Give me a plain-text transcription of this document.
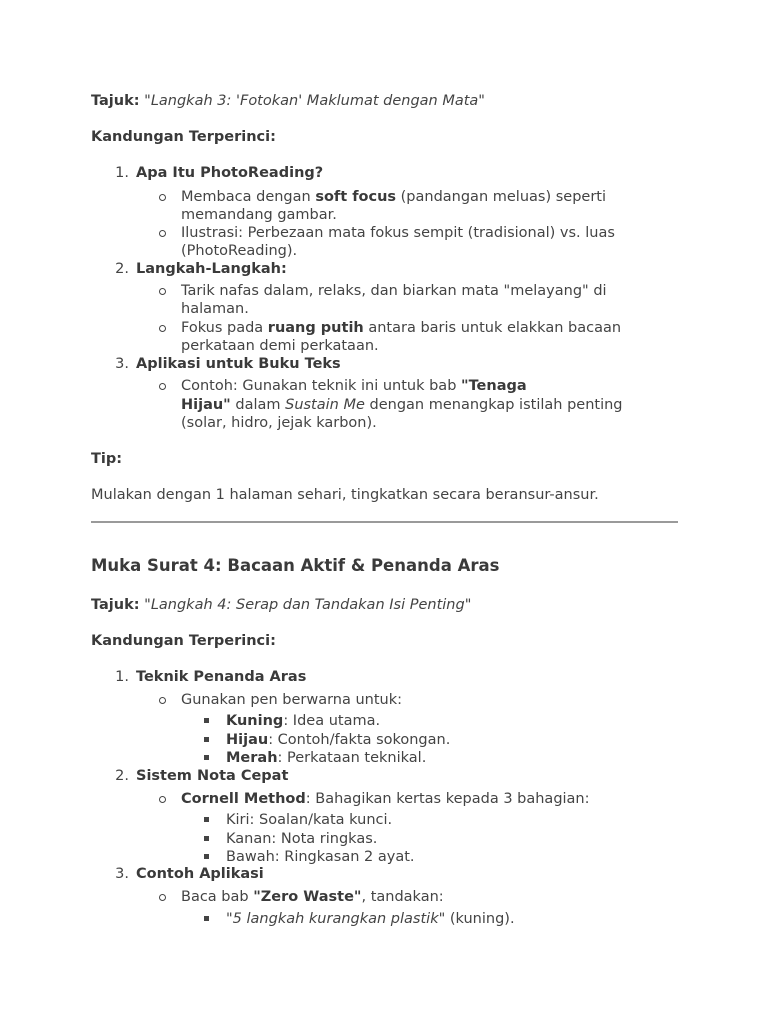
Tajuk: "Langkah 3: 'Fotokan' Maklumat dengan Mata"
Kandungan Terperinci:
1. Apa Itu PhotoReading?
Membaca dengan soft focus (pandangan meluas) seperti
memandang gambar.
Ilustrasi: Perbezaan mata fokus sempit (tradisional) vs. luas
(PhotoReading).
2. Langkah-Langkah:
Tarik nafas dalam, relaks, dan biarkan mata "melayang" di
halaman.
Fokus pada ruang putih antara baris untuk elakkan bacaan
perkataan demi perkataan.
3. Aplikasi untuk Buku Teks
Contoh: Gunakan teknik ini untuk bab "Tenaga
Hijau" dalam Sustain Me dengan menangkap istilah penting
(solar, hidro, jejak karbon).
Tip:
Mulakan dengan 1 halaman sehari, tingkatkan secara beransur-ansur.
Muka Surat 4: Bacaan Aktif & Penanda Aras
Tajuk: "Langkah 4: Serap dan Tandakan Isi Penting"
Kandungan Terperinci:
1. Teknik Penanda Aras
Gunakan pen berwarna untuk:
Kuning: Idea utama.
Hijau: Contoh/fakta sokongan.
Merah: Perkataan teknikal.
2. Sistem Nota Cepat
Cornell Method: Bahagikan kertas kepada 3 bahagian:
Kiri: Soalan/kata kunci.
Kanan: Nota ringkas.
Bawah: Ringkasan 2 ayat.
3. Contoh Aplikasi
Baca bab "Zero Waste", tandakan:
"5 langkah kurangkan plastik" (kuning).
